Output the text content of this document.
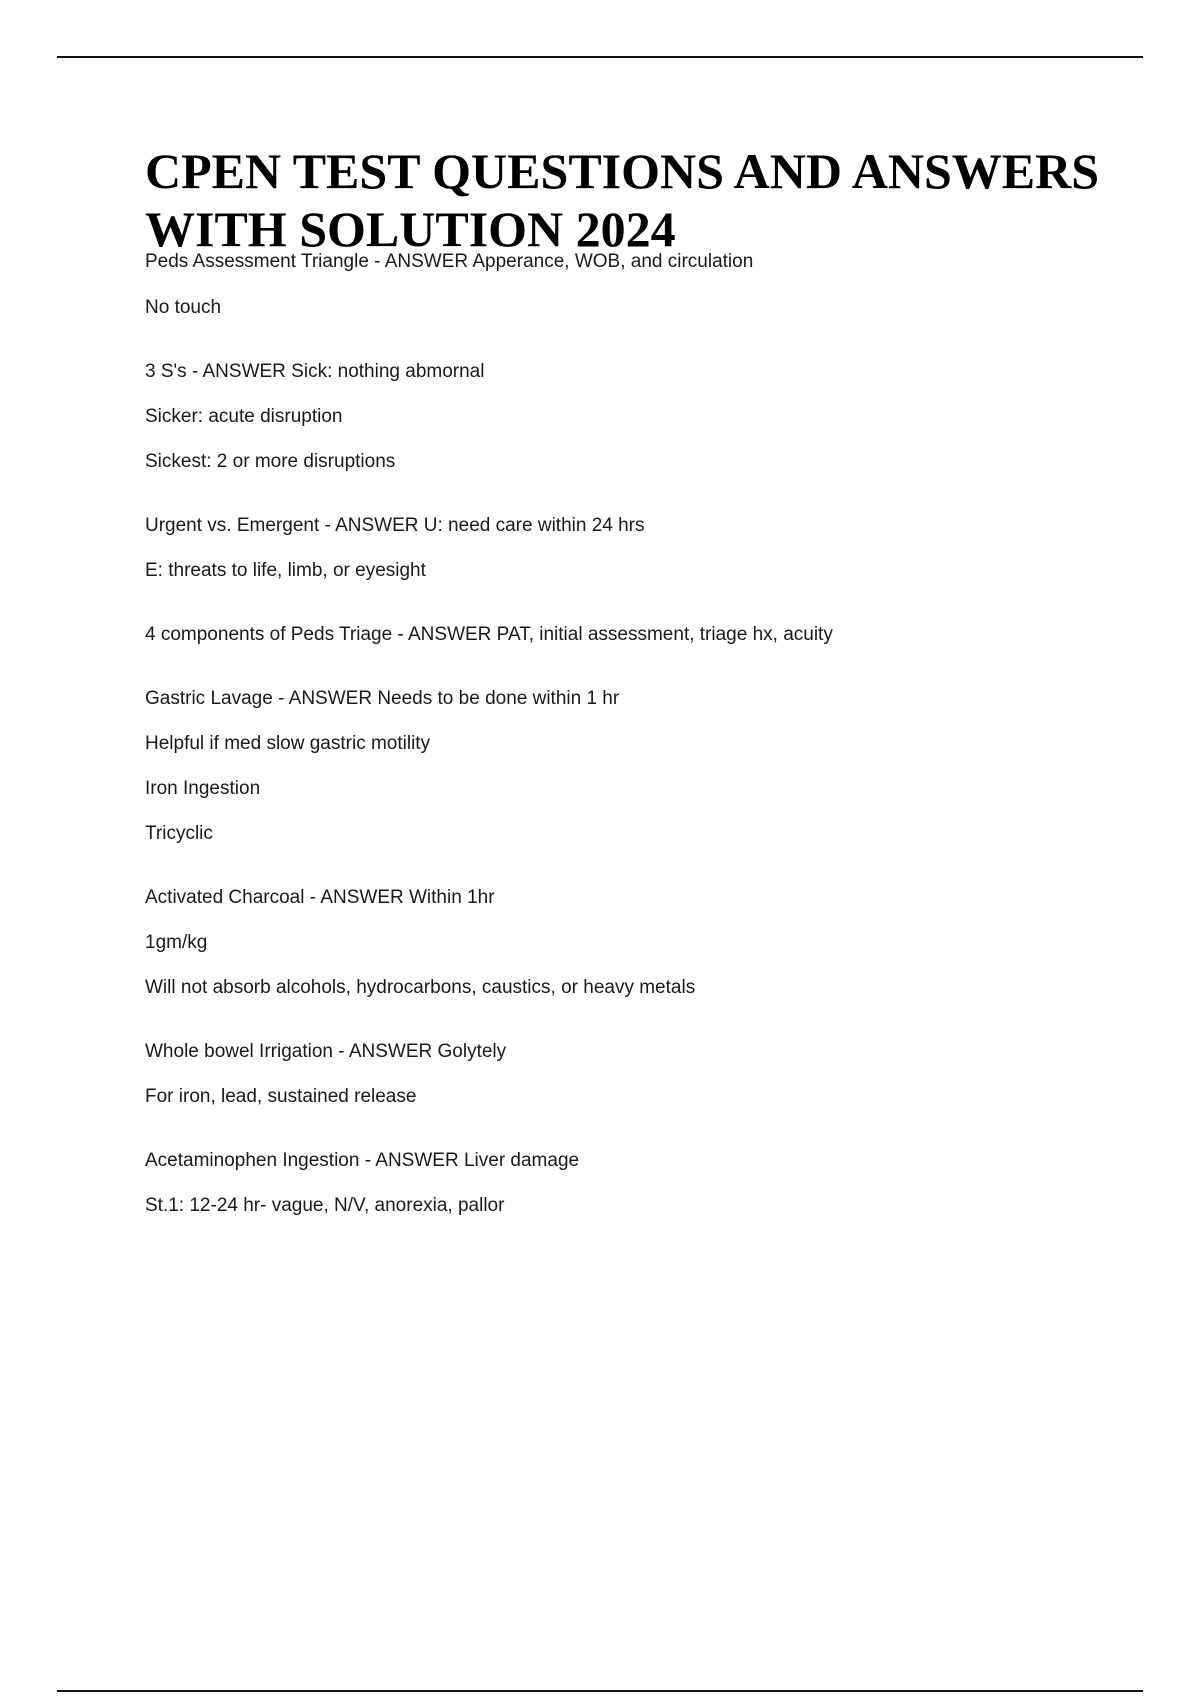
CPEN TEST QUESTIONS AND ANSWERS WITH SOLUTION 2024
Peds Assessment Triangle - ANSWER Apperance, WOB, and circulation
No touch
3 S's - ANSWER Sick: nothing abmornal
Sicker: acute disruption
Sickest: 2 or more disruptions
Urgent vs. Emergent - ANSWER U: need care within 24 hrs
E: threats to life, limb, or eyesight
4 components of Peds Triage - ANSWER PAT, initial assessment, triage hx, acuity
Gastric Lavage - ANSWER Needs to be done within 1 hr
Helpful if med slow gastric motility
Iron Ingestion
Tricyclic
Activated Charcoal - ANSWER Within 1hr
1gm/kg
Will not absorb alcohols, hydrocarbons, caustics, or heavy metals
Whole bowel Irrigation - ANSWER Golytely
For iron, lead, sustained release
Acetaminophen Ingestion - ANSWER Liver damage
St.1: 12-24 hr- vague, N/V, anorexia, pallor
